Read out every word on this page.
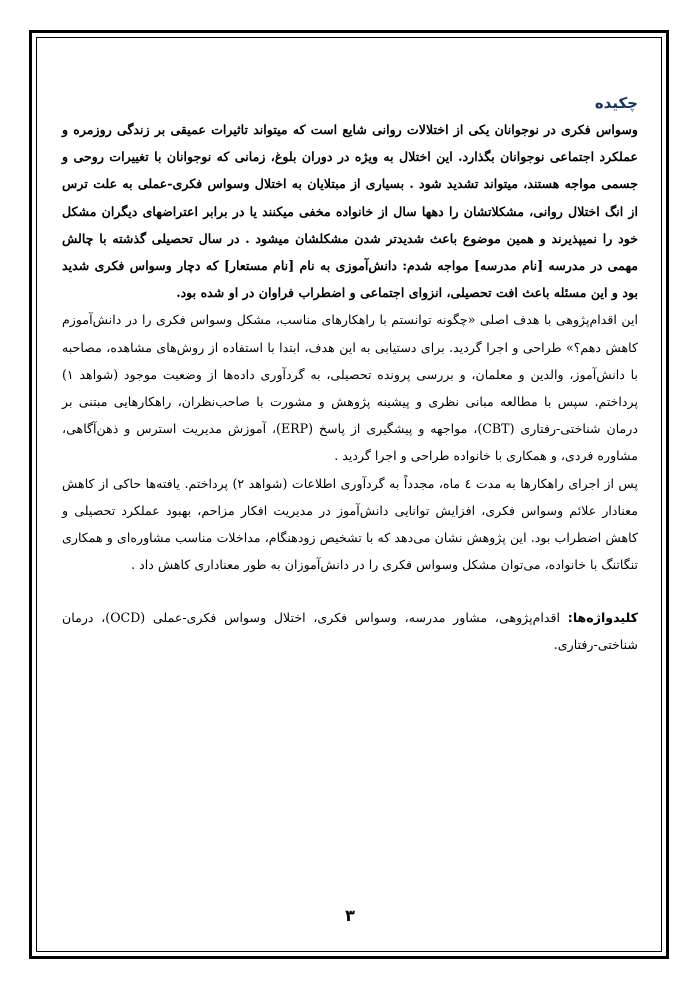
چکیده

وسواس فکری در نوجوانان یکی از اختلالات روانی شایع است که میتواند تاثیرات عمیقی بر زندگی روزمره و عملکرد اجتماعی نوجوانان بگذارد. این اختلال به ویژه در دوران بلوغ، زمانی که نوجوانان با تغییرات روحی و جسمی مواجه هستند، میتواند تشدید شود . بسیاری از مبتلایان به اختلال وسواس فکری-عملی به علت ترس از انگ اختلال روانی، مشکلاتشان را دهها سال از خانواده مخفی میکنند یا در برابر اعتراضهای دیگران مشکل خود را نمیپذیرند و همین موضوع باعث شدیدتر شدن مشکلشان میشود . در سال تحصیلی گذشته با چالش مهمی در مدرسه [نام مدرسه] مواجه شدم: دانش‌آموزی به نام [نام مستعار] که دچار وسواس فکری شدید بود و این مسئله باعث افت تحصیلی، انزوای اجتماعی و اضطراب فراوان در او شده بود.

این اقدام‌پژوهی با هدف اصلی «چگونه توانستم با راهکارهای مناسب، مشکل وسواس فکری را در دانش‌آموزم کاهش دهم؟» طراحی و اجرا گردید. برای دستیابی به این هدف، ابتدا با استفاده از روش‌های مشاهده، مصاحبه با دانش‌آموز، والدین و معلمان، و بررسی پرونده تحصیلی، به گردآوری داده‌ها از وضعیت موجود (شواهد ۱) پرداختم. سپس با مطالعه مبانی نظری و پیشینه پژوهش و مشورت با صاحب‌نظران، راهکارهایی مبتنی بر درمان شناختی-رفتاری (CBT)، مواجهه و پیشگیری از پاسخ (ERP)، آموزش مدیریت استرس و ذهن‌آگاهی، مشاوره فردی، و همکاری با خانواده طراحی و اجرا گردید .

پس از اجرای راهکارها به مدت ٤ ماه، مجدداً به گردآوری اطلاعات (شواهد ۲) پرداختم. یافته‌ها حاکی از کاهش معنادار علائم وسواس فکری، افزایش توانایی دانش‌آموز در مدیریت افکار مزاحم، بهبود عملکرد تحصیلی و کاهش اضطراب بود. این پژوهش نشان می‌دهد که با تشخیص زودهنگام، مداخلات مناسب مشاوره‌ای و همکاری تنگاتنگ با خانواده، می‌توان مشکل وسواس فکری را در دانش‌آموزان به طور معناداری کاهش داد .

کلیدواژه‌ها: اقدام‌پژوهی، مشاور مدرسه، وسواس فکری، اختلال وسواس فکری-عملی (OCD)، درمان شناختی-رفتاری.

۳
